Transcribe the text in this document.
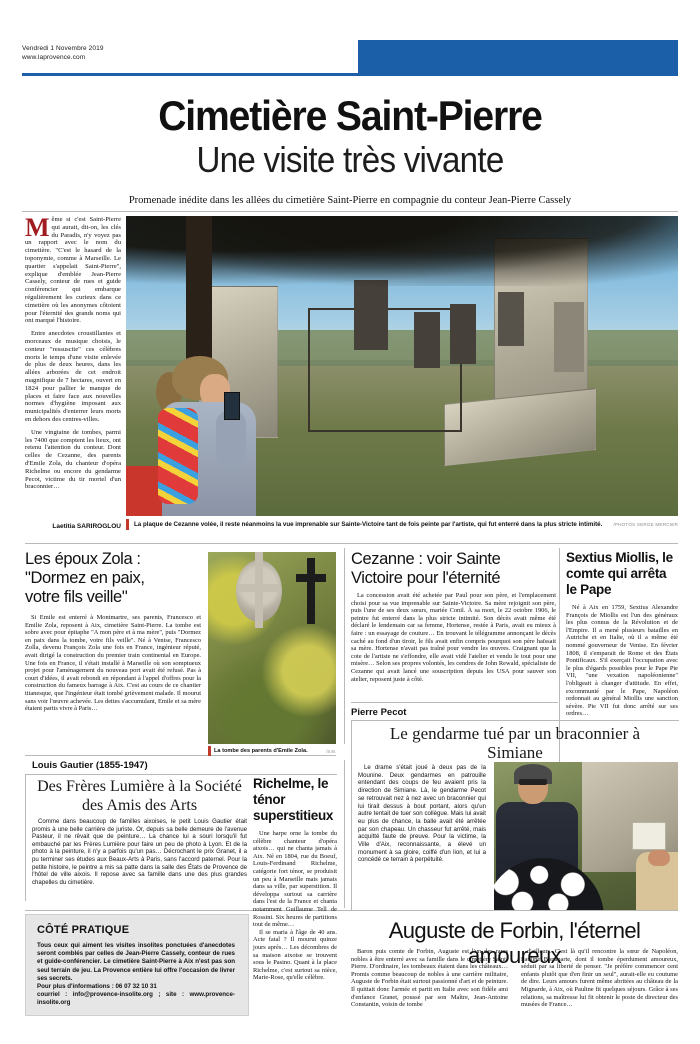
Vendredi 1 Novembre 2019
www.laprovence.com
Aix-en-Provence	3
Cimetière Saint-Pierre
Une visite très vivante
Promenade inédite dans les allées du cimetière Saint-Pierre en compagnie du conteur Jean-Pierre Cassely

Même si c'est Saint-Pierre qui aurait, dit-on, les clés du Paradis, n'y voyez pas un rapport avec le nom du cimetière. "C'est le hasard de la toponymie, comme à Marseille. Le quartier s'appelait Saint-Pierre", explique d'emblée Jean-Pierre Cassely, conteur de rues et guide conférencier qui embarque régulièrement les curieux dans ce cimetière où les anonymes côtoient pour l'éternité des grands noms qui ont marqué l'histoire.

Entre anecdotes croustillantes et morceaux de musique choisis, le conteur "ressuscite" ces célèbres morts le temps d'une visite enlevée de plus de deux heures, dans les allées arborées de cet endroit magnifique de 7 hectares, ouvert en 1824 pour pallier le manque de places et faire face aux nouvelles normes d'hygiène imposant aux municipalités d'enterrer leurs morts en dehors des centres-villes.

Une vingtaine de tombes, parmi les 7400 que comptent les lieux, ont retenu l'attention du conteur. Dont celles de Cezanne, des parents d'Emile Zola, du chanteur d'opéra Richelme ou encore du gendarme Pecot, victime du tir mortel d'un braconnier…

Laetitia SARIROGLOU La plaque de Cezanne volée, il reste néanmoins la vue imprenable sur Sainte-Victoire tant de fois peinte par l'artiste, qui fut enterré dans la plus stricte intimité. /PHOTOS SERGE MERCIER
Les époux Zola :
"Dormez en paix,
votre fils veille"
La tombe des parents d'Emile Zola.	/S.M.

Si Emile est enterré à Montmartre, ses parents, Francesco et Emilie Zola, reposent à Aix, cimetière Saint-Pierre. La tombe est sobre avec pour épitaphe "A mon père et à ma mère", puis "Dormez en paix dans la tombe, votre fils veille". Né à Venise, Francesco Zolla, devenu François Zola une fois en France, ingénieur réputé, avait dirigé la construction du premier train continental en Europe. Une fois en France, il s'était installé à Marseille où son somptueux projet pour l'aménagement du nouveau port avait été refusé. Pas à court d'idées, il avait rebondi en répondant à l'appel d'offres pour la construction du fameux barrage à Aix. C'est au cours de ce chantier titanesque, que l'ingénieur était tombé grièvement malade. Il mourut sans voir l'œuvre achevée. Les dettes s'accumulant, Emile et sa mère étaient partis vivre à Paris…

Cezanne : voir Sainte Victoire pour l'éternité

La concession avait été achetée par Paul pour son père, et l'emplacement choisi pour sa vue imprenable sur Sainte-Victoire. Sa mère rejoignit son père, puis l'une de ses deux sœurs, mariée Conil. À sa mort, le 22 octobre 1906, le peintre fut enterré dans la plus stricte intimité. Son décès avait même été déclaré le lendemain car sa femme, Hortense, restée à Paris, avait eu mieux à faire : un essayage de couture… En trouvant le télégramme annonçant le décès caché au fond d'un tiroir, le fils avait enfin compris pourquoi son père haïssait sa mère. Hortense n'avait pas traîné pour vendre les œuvres. Craignant que la cote de l'artiste ne s'effondre, elle avait vidé l'atelier et vendu le tout pour une misère… Selon ses propres volontés, les cendres de John Rewald, spécialiste de Cezanne qui avait lancé une souscription depuis les USA pour sauver son atelier, reposent juste à côté.

Sextius Miollis, le comte qui arrêta le Pape

Né à Aix en 1759, Sextius Alexandre François de Miollis est l'un des généraux les plus connus de la Révolution et de l'Empire. Il a mené plusieurs batailles en Autriche et en Italie, où il a même été nommé gouverneur de Venise. En février 1808, il s'emparait de Rome et des États Pontificaux. S'il exerçait l'occupation avec le plus d'égards possibles pour le Pape Pie VII, "une vexation napoléonienne" l'obligeait à changer d'attitude. En effet, excommunié par le Pape, Napoléon ordonnait au général Miollis une sanction sévère. Pie VII fut donc arrêté sur ses ordres…

Pierre Pecot
Le gendarme tué par un braconnier à Simiane

Le drame s'était joué à deux pas de la Mounine. Deux gendarmes en patrouille entendant des coups de feu avaient pris la direction de Simiane. Là, le gendarme Pecot se retrouvait nez à nez avec un braconnier qui lui tirait dessus à bout portant, alors qu'un autre tentait de tuer son collègue. Mais lui avait eu plus de chance, la balle avait été arrêtée par son chapeau. Un chasseur fut arrêté, mais acquitté faute de preuve. Pour la victime, la Ville d'Aix, reconnaissante, a élevé un monument à sa gloire, coiffé d'un lion, et lui a concédé ce terrain à perpétuité.

Louis Gautier (1855-1947)
Des Frères Lumière à la Société des Amis des Arts

Comme dans beaucoup de familles aixoises, le petit Louis Gautier était promis à une belle carrière de juriste. Or, depuis sa belle demeure de l'avenue Pasteur, il ne rêvait que de peinture… La chance lui a souri lorsqu'il fut embauché par les Frères Lumière pour faire un peu de photo à Lyon. Et de la photo à la peinture, il n'y a parfois qu'un pas… Décrochant le prix Granet, il a pu terminer ses études aux Beaux-Arts à Paris, sans l'accord paternel. Pour la petite histoire, le peintre a mis sa patte dans la salle des États de Provence de l'hôtel de ville aixois. Il repose avec sa famille dans une des plus grandes chapelles du cimetière.

Richelme, le ténor superstitieux

Une harpe orne la tombe du célèbre chanteur d'opéra aixois… qui ne chanta jamais à Aix. Né en 1804, rue du Boeuf, Louis-Ferdinand Richelme, catégorie fort ténor, se produisit un peu à Marseille mais jamais dans sa ville, par superstition. Il développa surtout sa carrière dans l'est de la France et chanta notamment Guillaume Tell de Rossini. Six heures de partitions tout de même…

Il se maria à l'âge de 40 ans. Acte fatal ? Il mourut quinze jours après… Les décombres de sa maison aixoise se trouvent sous le Pasino. Quant à la place Richelme, c'est surtout sa nièce, Marie-Rose, qu'elle célèbre.

Auguste de Forbin, l'éternel amoureux

Baron puis comte de Forbin, Auguste est l'un des rares nobles à être enterré avec sa famille dans le cimetière Saint-Pierre. D'ordinaire, les tombeaux étaient dans les châteaux… Promis comme beaucoup de nobles à une carrière militaire, Auguste de Forbin était surtout passionné d'art et de peinture. Il quittait donc l'armée et partit en Italie avec son fidèle ami d'enfance Granet, poussé par son Maître, Jean-Antoine Constantin, voisin de tombe

d'ailleurs. C'est là qu'il rencontre la sœur de Napoléon, Pauline Bonaparte, dont il tombe éperdument amoureux, séduit par sa liberté de penser. "Je préfère commencer cent enfants plutôt que d'en finir un seul", aurait-elle eu coutume de dire. Leurs amours furent même abritées au château de la Mignarde, à Aix, où Pauline fit quelques séjours. Grâce à ses relations, sa maîtresse lui fit obtenir le poste de directeur des musées de France…

CÔTÉ PRATIQUE

Tous ceux qui aiment les visites insolites ponctuées d'anecdotes seront comblés par celles de Jean-Pierre Cassely, conteur de rues et guide-conférencier. Le cimetière Saint-Pierre à Aix n'est pas son seul terrain de jeu. La Provence entière lui offre l'occasion de livrer ses secrets.

Pour plus d'informations : 06 07 32 10 31

courriel : info@provence-insolite.org ; site : www.provence-insolite.org
